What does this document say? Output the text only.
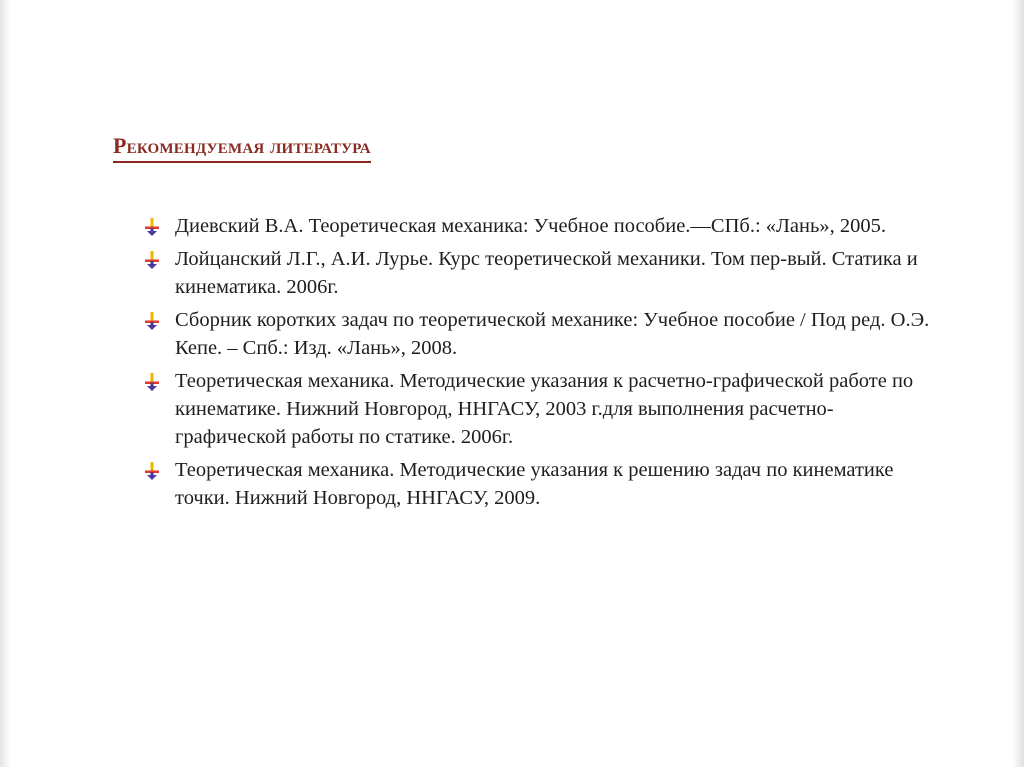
Рекомендуемая литература
Диевский В.А. Теоретическая механика: Учебное пособие.—СПб.: «Лань», 2005.
Лойцанский Л.Г., А.И. Лурье. Курс теоретической механики. Том пер-вый. Статика и кинематика. 2006г.
Сборник коротких задач по теоретической механике: Учебное пособие / Под ред. О.Э. Кепе. – Спб.: Изд. «Лань», 2008.
Теоретическая механика. Методические указания к расчетно-графической работе по кинематике. Нижний Новгород, ННГАСУ, 2003 г.для выполнения расчетно-графической работы по статике. 2006г.
Теоретическая механика. Методические указания к решению задач по кинематике точки. Нижний Новгород, ННГАСУ, 2009.
